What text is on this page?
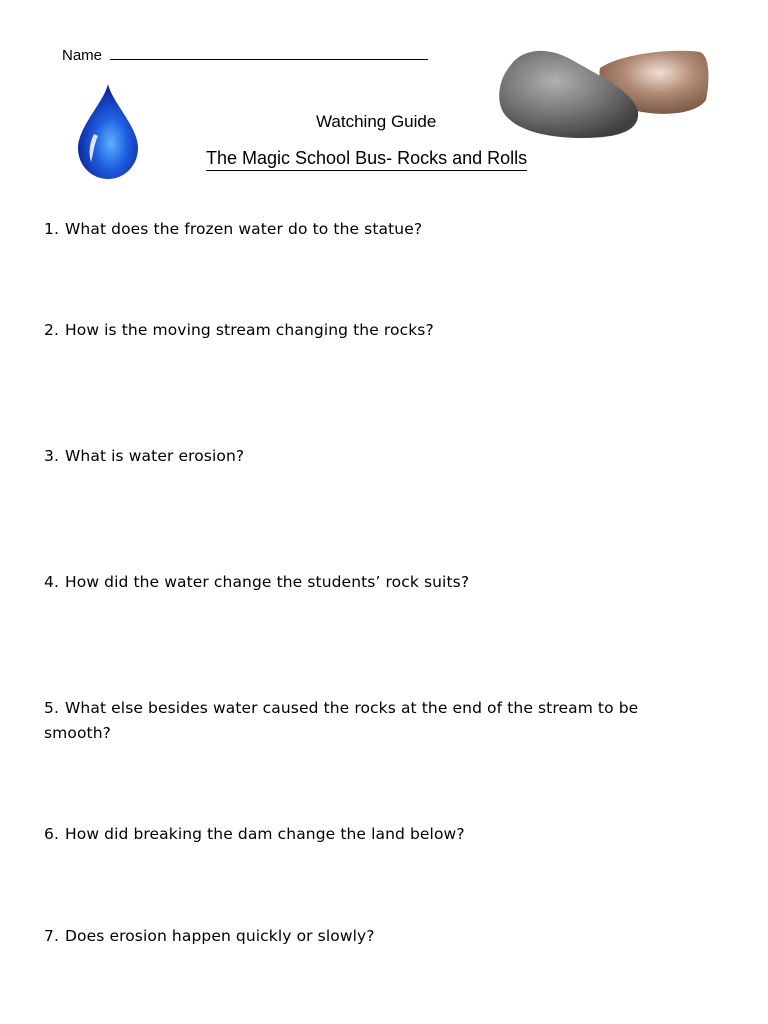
Name
Watching Guide
The Magic School Bus- Rocks and Rolls
1. What does the frozen water do to the statue?
2. How is the moving stream changing the rocks?
3. What is water erosion?
4. How did the water change the students’ rock suits?
5. What else besides water caused the rocks at the end of the stream to be smooth?
6. How did breaking the dam change the land below?
7. Does erosion happen quickly or slowly?
